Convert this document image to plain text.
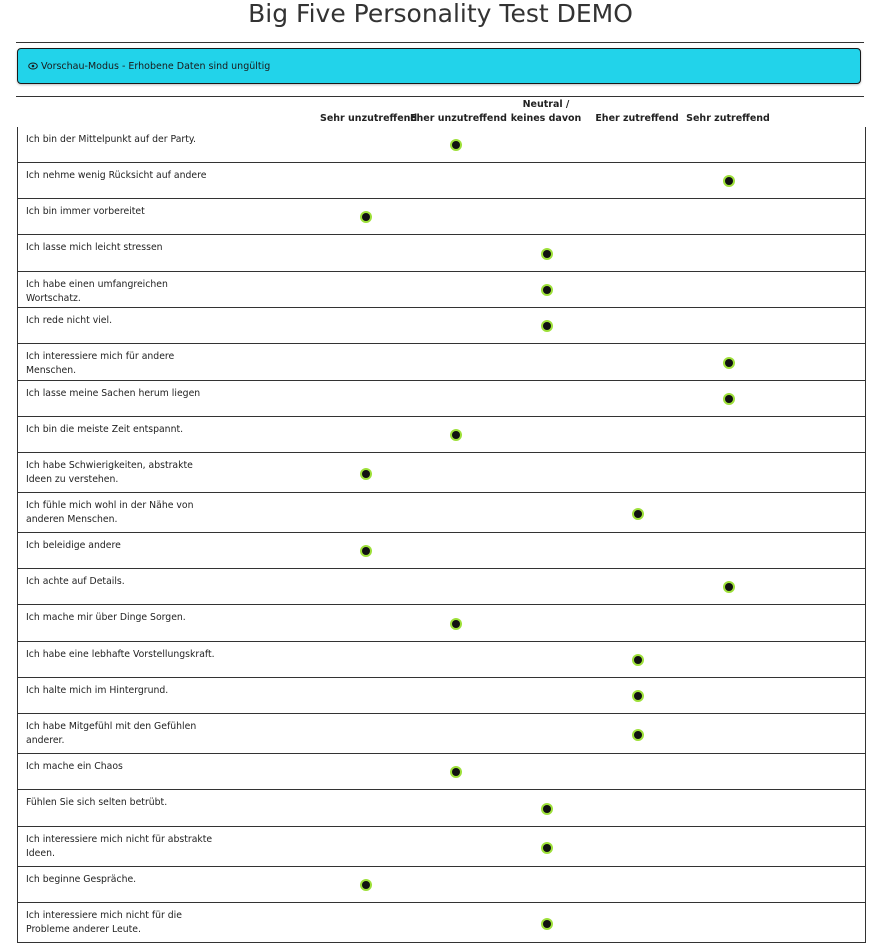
Big Five Personality Test DEMO
Vorschau-Modus - Erhobene Daten sind ungültig
Sehr unzutreffend
Eher unzutreffend
Neutral / keines davon	Eher zutreffend Sehr zutreffend
Ich bin der Mittelpunkt auf der Party.
Ich nehme wenig Rücksicht auf andere
Ich bin immer vorbereitet
Ich lasse mich leicht stressen
Ich habe einen umfangreichen Wortschatz.
Ich rede nicht viel.
Ich interessiere mich für andere Menschen.
Ich lasse meine Sachen herum liegen
Ich bin die meiste Zeit entspannt.
Ich habe Schwierigkeiten, abstrakte Ideen zu verstehen.
Ich fühle mich wohl in der Nähe von anderen Menschen.
Ich beleidige andere
Ich achte auf Details.
Ich mache mir über Dinge Sorgen.
Ich habe eine lebhafte Vorstellungskraft.
Ich halte mich im Hintergrund.
Ich habe Mitgefühl mit den Gefühlen anderer.
Ich mache ein Chaos
Fühlen Sie sich selten betrübt.
Ich interessiere mich nicht für abstrakte Ideen.
Ich beginne Gespräche.
Ich interessiere mich nicht für die Probleme anderer Leute.
